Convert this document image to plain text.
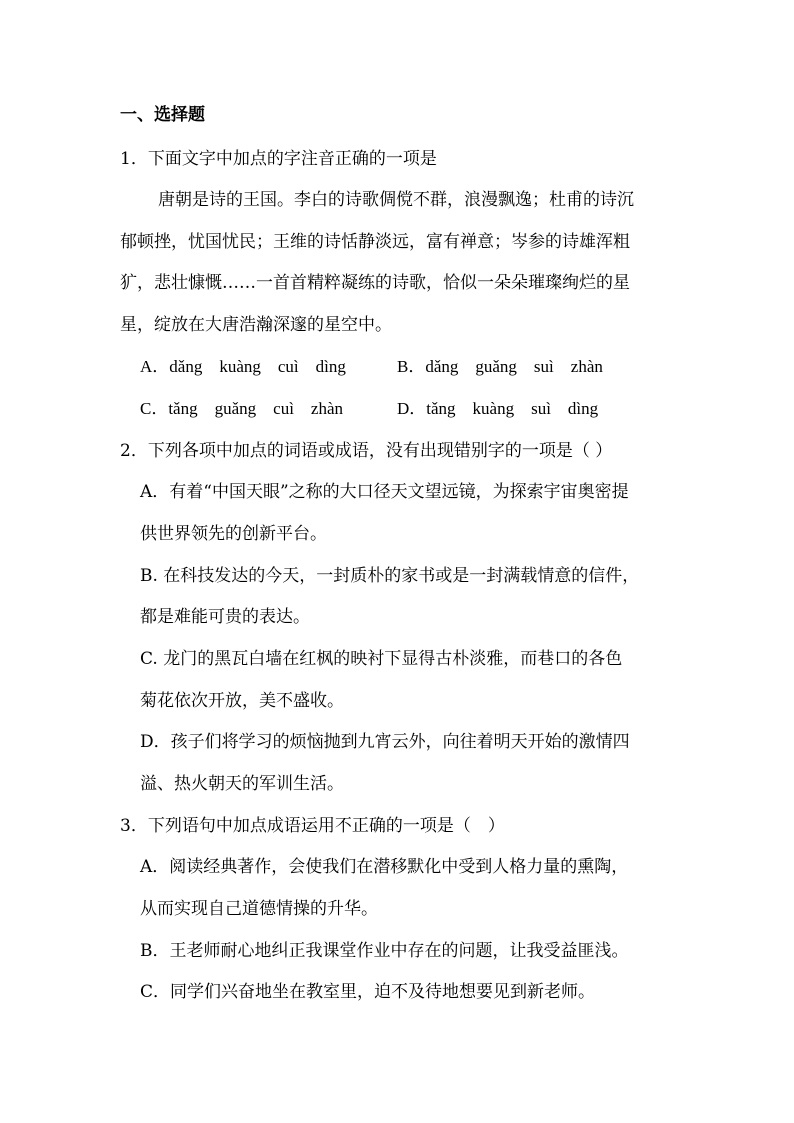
一、选择题
1．下面文字中加点的字注音正确的一项是
唐朝是诗的王国。李白的诗歌倜傥不群，浪漫飘逸；杜甫的诗沉
郁顿挫，忧国忧民；王维的诗恬静淡远，富有禅意；岑参的诗雄浑粗
犷，悲壮慷慨……一首首精粹凝练的诗歌，恰似一朵朵璀璨绚烂的星
星，绽放在大唐浩瀚深邃的星空中。
A．dǎng　kuàng　cuì　dìng	B．dǎng　guǎng　suì　zhàn
C．tǎng　guǎng　cuì　zhàn	D．tǎng　kuàng　suì　dìng
2．下列各项中加点的词语或成语，没有出现错别字的一项是（ ）
A．有着“中国天眼”之称的大口径天文望远镜，为探索宇宙奥密提
供世界领先的创新平台。
B. 在科技发达的今天，一封质朴的家书或是一封满载情意的信件，
都是难能可贵的表达。
C. 龙门的黑瓦白墙在红枫的映衬下显得古朴淡雅，而巷口的各色
菊花依次开放，美不盛收。
D．孩子们将学习的烦恼抛到九宵云外，向往着明天开始的激情四
溢、热火朝天的军训生活。
3．下列语句中加点成语运用不正确的一项是（　）
A．阅读经典著作，会使我们在潜移默化中受到人格力量的熏陶，
从而实现自己道德情操的升华。
B．王老师耐心地纠正我课堂作业中存在的问题，让我受益匪浅。
C．同学们兴奋地坐在教室里，迫不及待地想要见到新老师。
